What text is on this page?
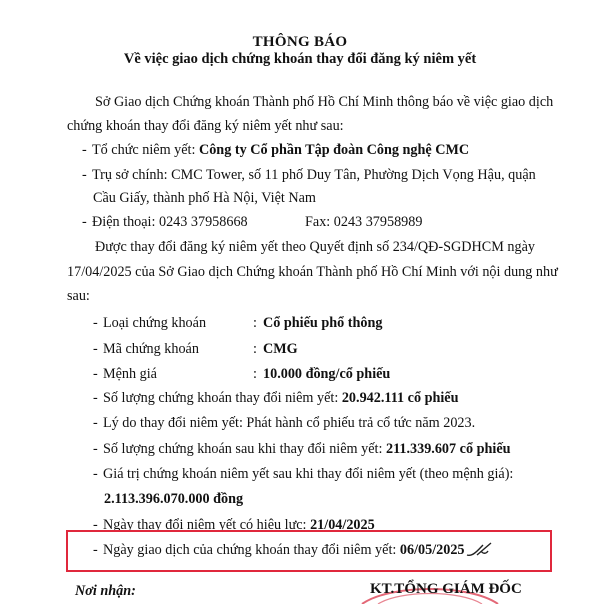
THÔNG BÁO
Về việc giao dịch chứng khoán thay đổi đăng ký niêm yết
Sở Giao dịch Chứng khoán Thành phố Hồ Chí Minh thông báo về việc giao dịch
chứng khoán thay đổi đăng ký niêm yết như sau:
- Tổ chức niêm yết: Công ty Cổ phần Tập đoàn Công nghệ CMC
- Trụ sở chính: CMC Tower, số 11 phố Duy Tân, Phường Dịch Vọng Hậu, quận
Cầu Giấy, thành phố Hà Nội, Việt Nam
- Điện thoại: 0243 37958668	Fax: 0243 37958989
Được thay đổi đăng ký niêm yết theo Quyết định số 234/QĐ-SGDHCM ngày
17/04/2025 của Sở Giao dịch Chứng khoán Thành phố Hồ Chí Minh với nội dung như
sau:
- Loại chứng khoán	: Cổ phiếu phổ thông
- Mã chứng khoán	: CMG
- Mệnh giá	: 10.000 đồng/cổ phiếu
- Số lượng chứng khoán thay đổi niêm yết: 20.942.111 cổ phiếu
- Lý do thay đổi niêm yết: Phát hành cổ phiếu trả cổ tức năm 2023.
- Số lượng chứng khoán sau khi thay đổi niêm yết: 211.339.607 cổ phiếu
- Giá trị chứng khoán niêm yết sau khi thay đổi niêm yết (theo mệnh giá):
2.113.396.070.000 đồng
- Ngày thay đổi niêm yết có hiệu lực: 21/04/2025
- Ngày giao dịch của chứng khoán thay đổi niêm yết: 06/05/2025
Nơi nhận:	KT.TỔNG GIÁM ĐỐC
